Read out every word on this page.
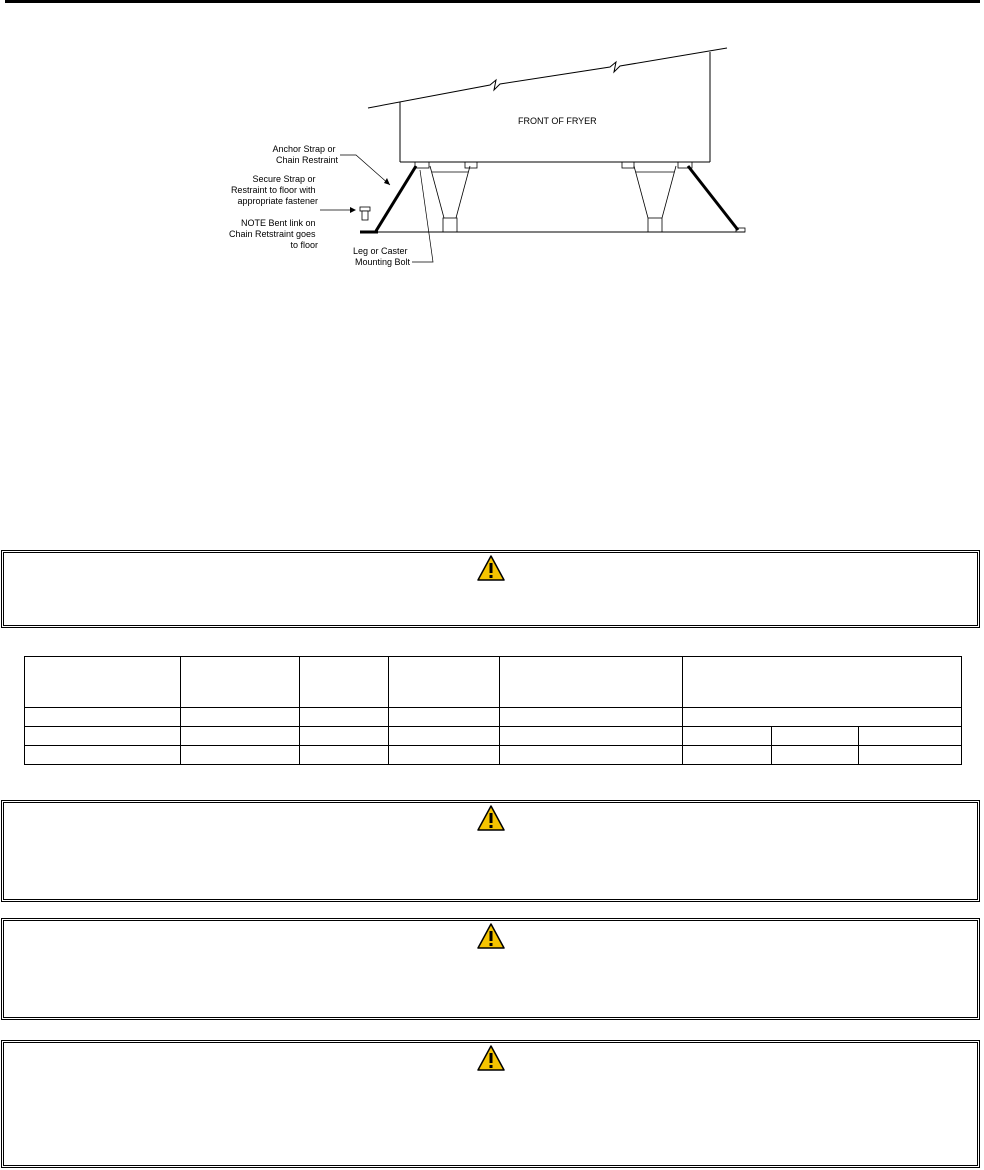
FRONT OF FRYER
Anchor Strap or Chain Restraint
Secure Strap or Restraint to floor with appropriate fastener
NOTE Bent link on Chain Retstraint goes to floor
Leg or Caster Mounting Bolt
